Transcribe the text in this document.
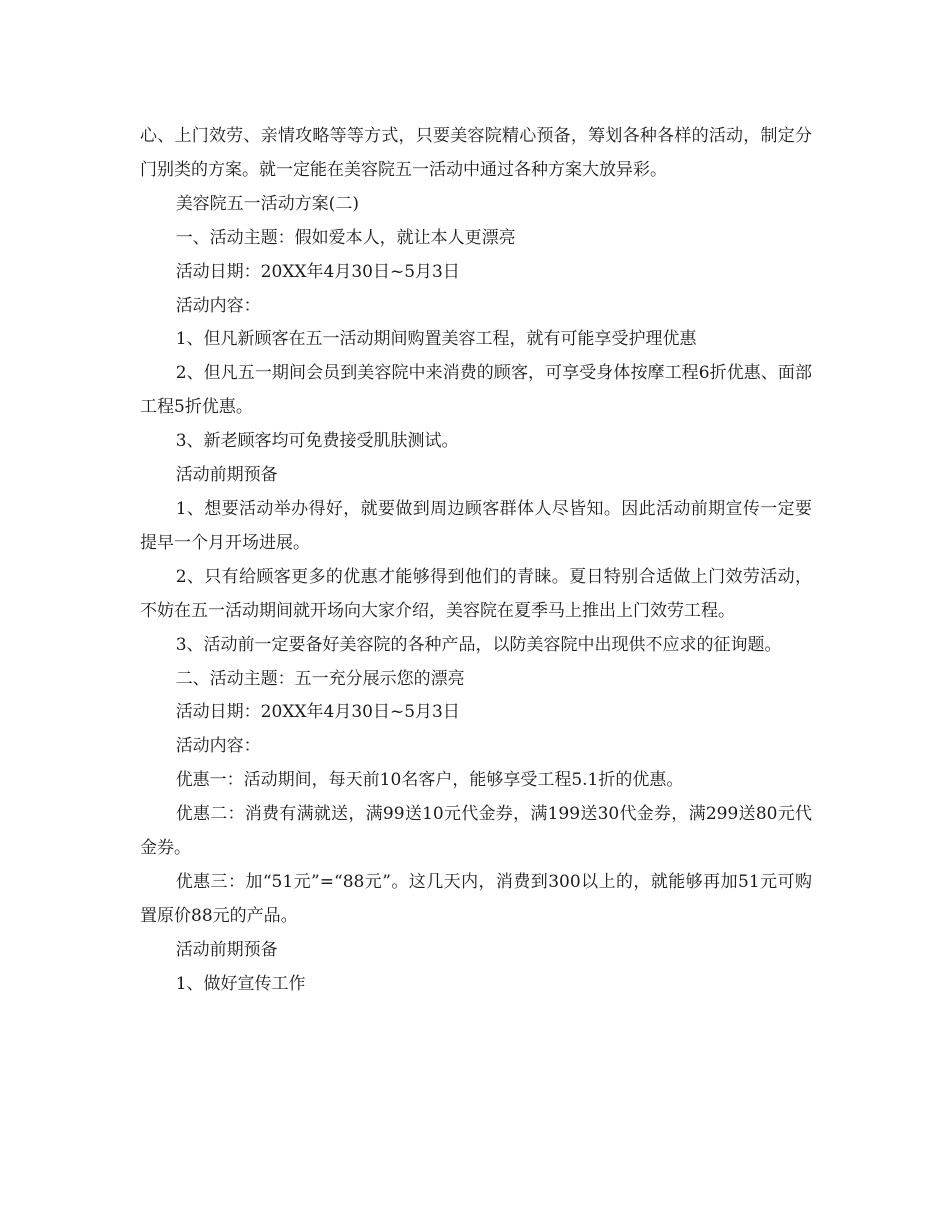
心、上门效劳、亲情攻略等等方式，只要美容院精心预备，筹划各种各样的活动，制定分门别类的方案。就一定能在美容院五一活动中通过各种方案大放异彩。

美容院五一活动方案(二)

一、活动主题：假如爱本人，就让本人更漂亮

活动日期：20XX年4月30日~5月3日

活动内容：

1、但凡新顾客在五一活动期间购置美容工程，就有可能享受护理优惠

2、但凡五一期间会员到美容院中来消费的顾客，可享受身体按摩工程6折优惠、面部工程5折优惠。

3、新老顾客均可免费接受肌肤测试。

活动前期预备

1、想要活动举办得好，就要做到周边顾客群体人尽皆知。因此活动前期宣传一定要提早一个月开场进展。

2、只有给顾客更多的优惠才能够得到他们的青睐。夏日特别合适做上门效劳活动，不妨在五一活动期间就开场向大家介绍，美容院在夏季马上推出上门效劳工程。

3、活动前一定要备好美容院的各种产品，以防美容院中出现供不应求的征询题。

二、活动主题：五一充分展示您的漂亮

活动日期：20XX年4月30日~5月3日

活动内容：

优惠一：活动期间，每天前10名客户，能够享受工程5.1折的优惠。

优惠二：消费有满就送，满99送10元代金券，满199送30代金券，满299送80元代金券。

优惠三：加“51元”=“88元”。这几天内，消费到300以上的，就能够再加51元可购置原价88元的产品。

活动前期预备

1、做好宣传工作
